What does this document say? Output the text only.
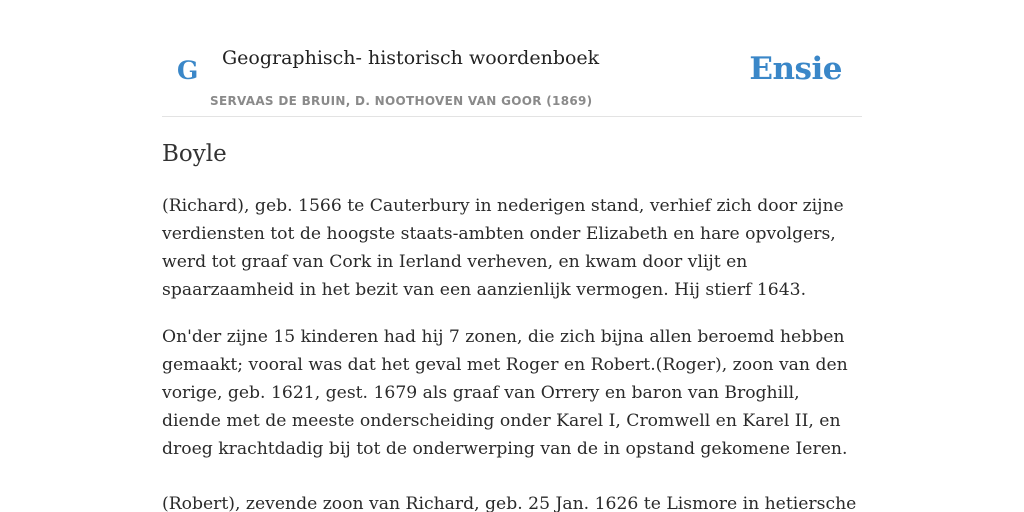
G Geographisch- historisch woordenboek
SERVAAS DE BRUIN, D. NOOTHOVEN VAN GOOR (1869)
Ensie
Boyle

(Richard), geb. 1566 te Cauterbury in nederigen stand, verhief zich door zijne verdiensten tot de hoogste staats-ambten onder Elizabeth en hare opvolgers, werd tot graaf van Cork in Ierland verheven, en kwam door vlijt en spaarzaamheid in het bezit van een aanzienlijk vermogen. Hij stierf 1643.

On'der zijne 15 kinderen had hij 7 zonen, die zich bijna allen beroemd hebben gemaakt; vooral was dat het geval met Roger en Robert.(Roger), zoon van den vorige, geb. 1621, gest. 1679 als graaf van Orrery en baron van Broghill, diende met de meeste onderscheiding onder Karel I, Cromwell en Karel II, en droeg krachtdadig bij tot de onderwerping van de in opstand gekomene Ieren.

(Robert), zevende zoon van Richard, geb. 25 Jan. 1626 te Lismore in hetiersche
